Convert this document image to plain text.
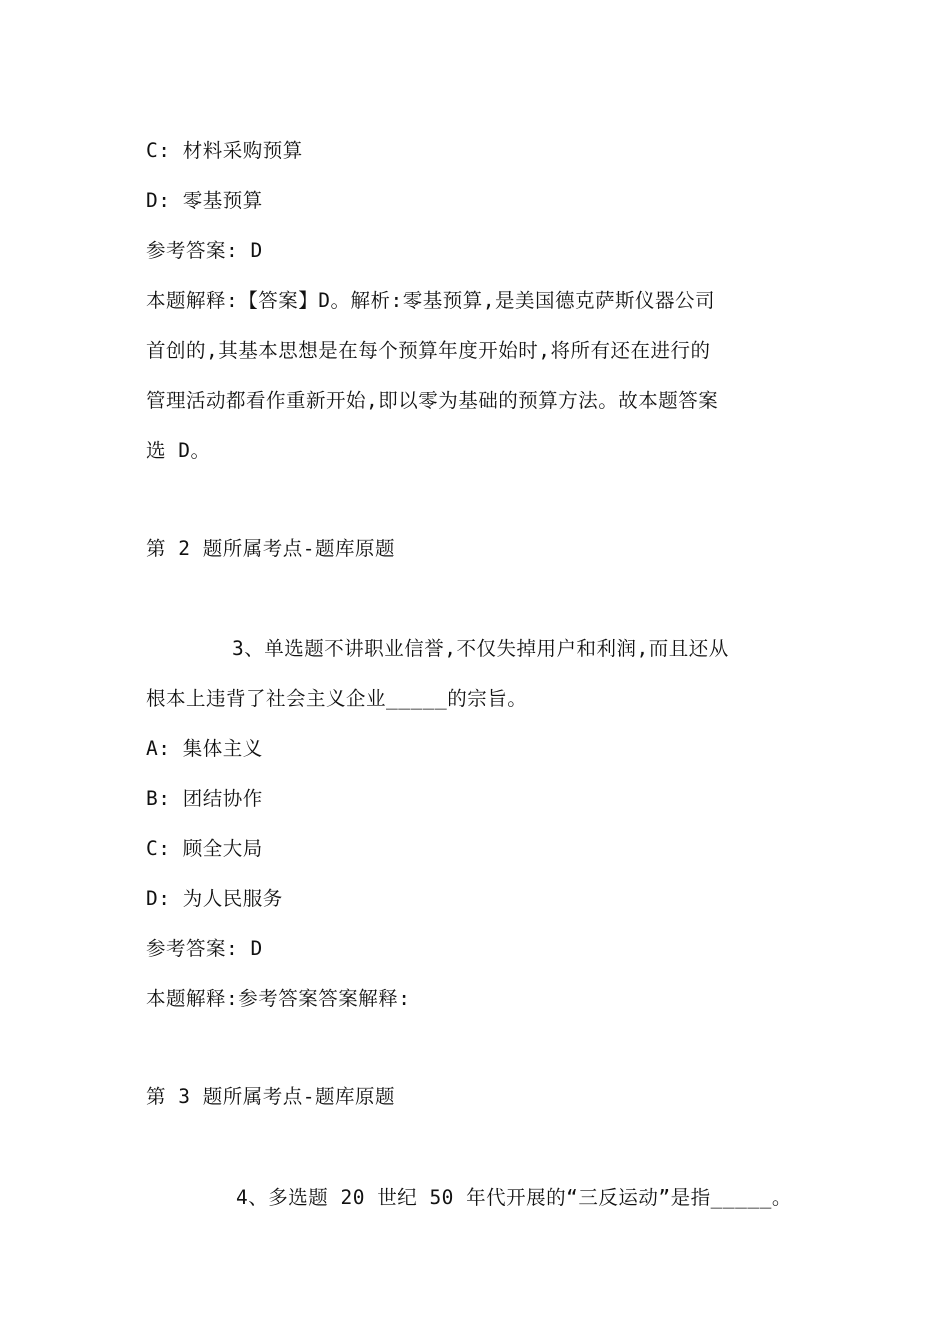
C: 材料采购预算
D: 零基预算
参考答案: D
本题解释:【答案】D。解析:零基预算,是美国德克萨斯仪器公司
首创的,其基本思想是在每个预算年度开始时,将所有还在进行的
管理活动都看作重新开始,即以零为基础的预算方法。故本题答案
选 D。
第 2 题所属考点-题库原题
3、单选题不讲职业信誉,不仅失掉用户和利润,而且还从
根本上违背了社会主义企业_____的宗旨。
A: 集体主义
B: 团结协作
C: 顾全大局
D: 为人民服务
参考答案: D
本题解释:参考答案答案解释:
第 3 题所属考点-题库原题
4、多选题 20 世纪 50 年代开展的“三反运动”是指_____。
